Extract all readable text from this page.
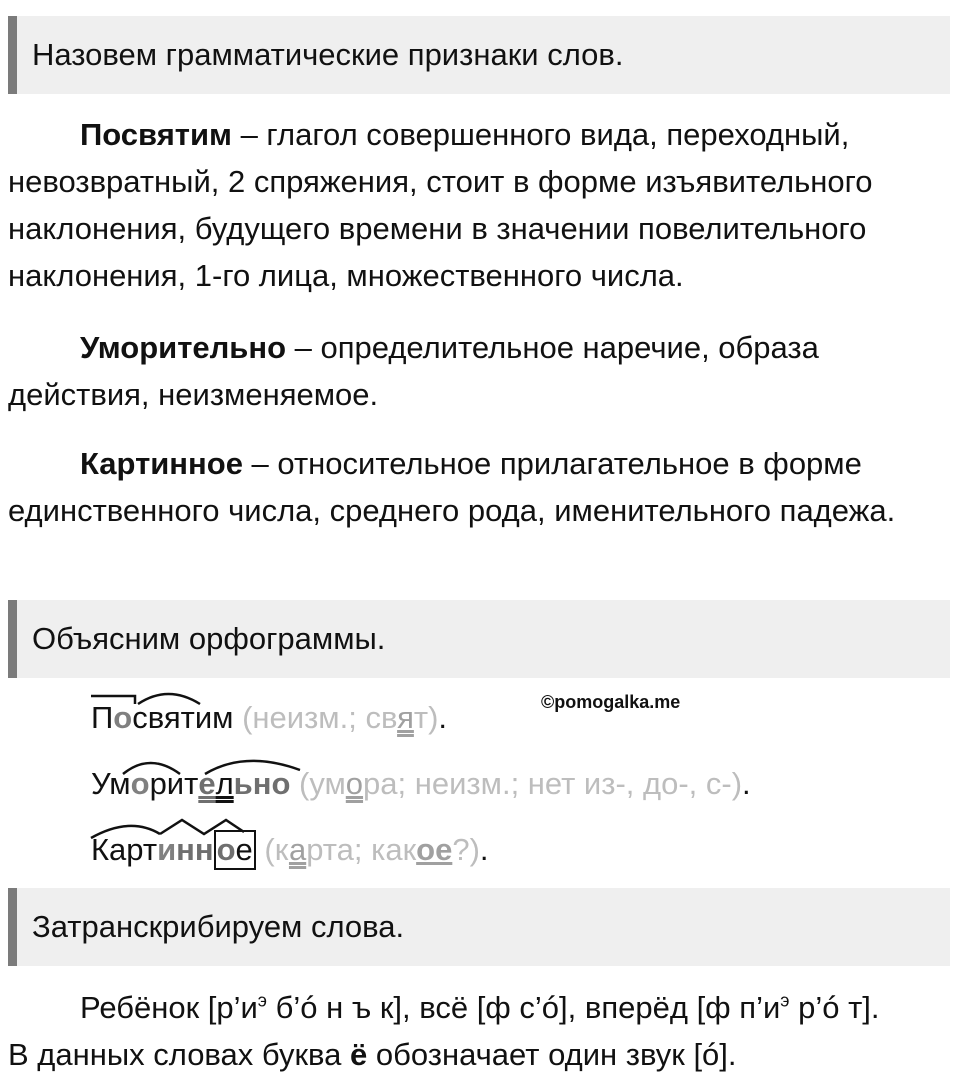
Назовем грамматические признаки слов.
Посвятим – глагол совершенного вида, переходный, невозвратный, 2 спряжения, стоит в форме изъявительного наклонения, будущего времени в значении повелительного наклонения, 1-го лица, множественного числа.
Уморительно – определительное наречие, образа действия, неизменяемое.
Картинное – относительное прилагательное в форме единственного числа, среднего рода, именительного падежа.
Объясним орфограммы.
Посвятим (неизм.; свят).	©pomogalka.me
Уморительно (умора; неизм.; нет из-, до-, с-).
Картинное (карта; какое?).
Затранскрибируем слова.
Ребёнок [$р’и^э$ б’ó н ъ к], всё [ф с’ó], вперёд [ф $п’и^э$ р’ó т].
В данных словах буква ё обозначает один звук [ó].
